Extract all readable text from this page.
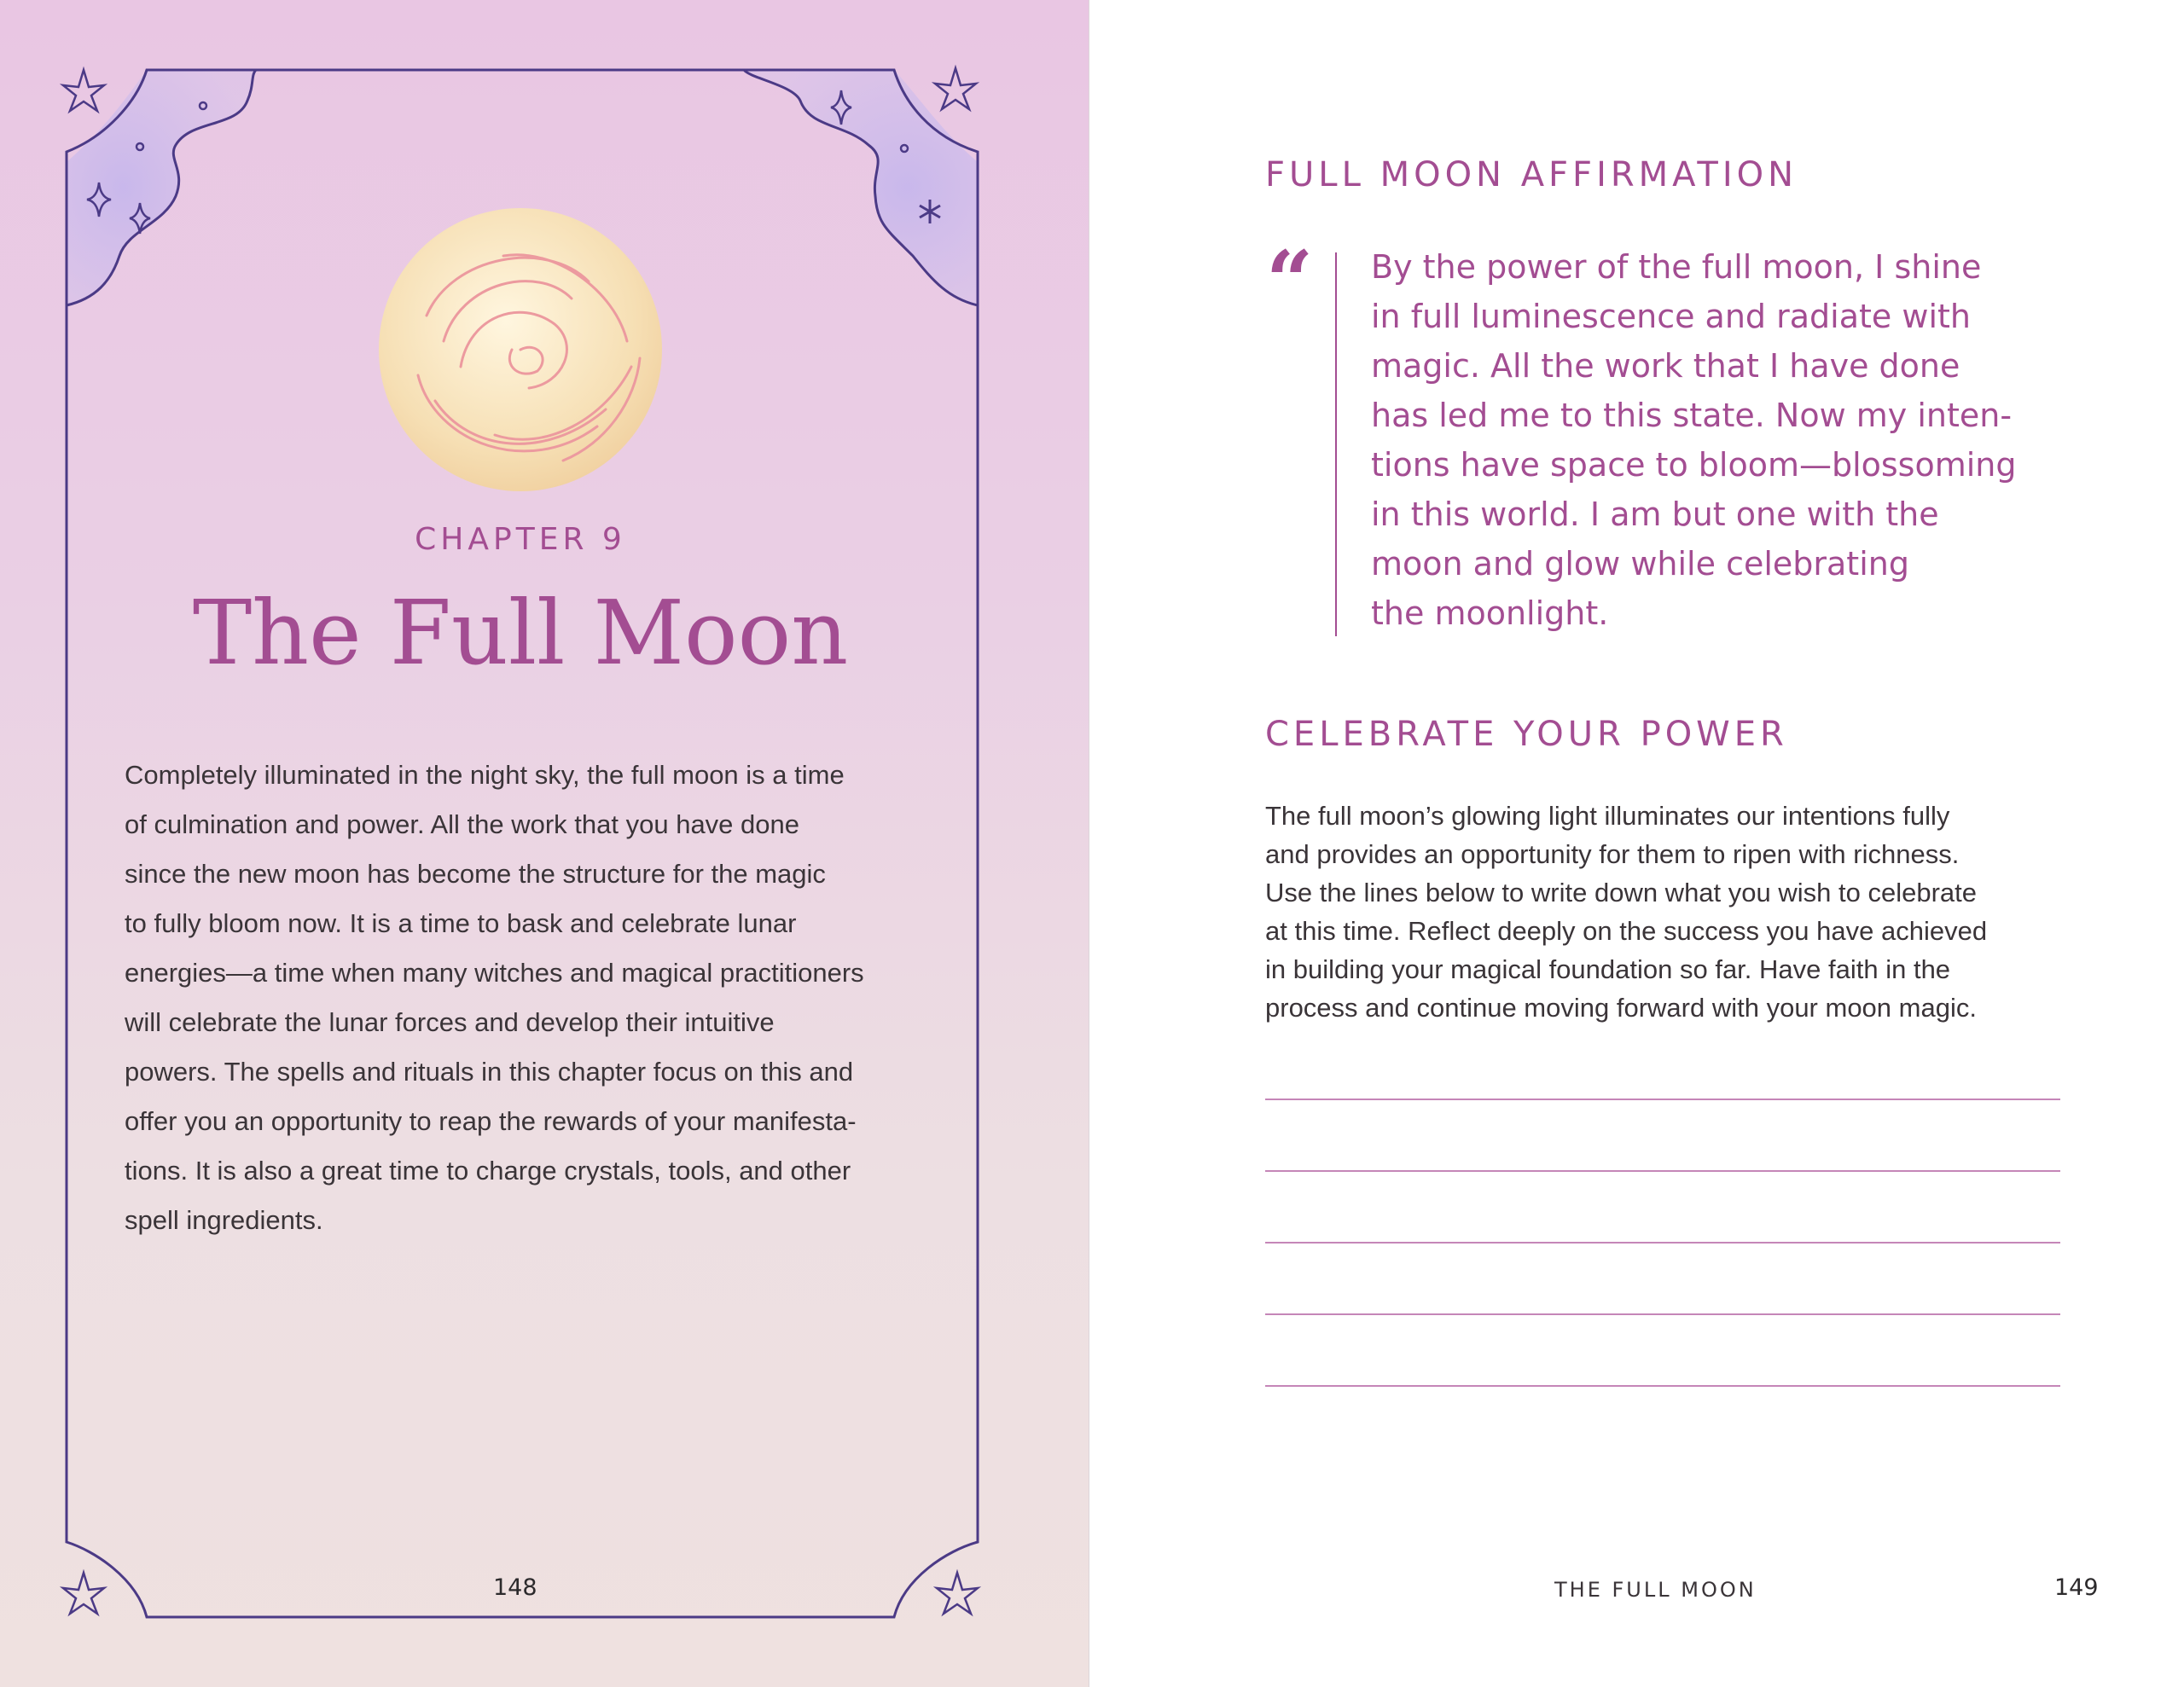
CHAPTER 9
The Full Moon
Completely illuminated in the night sky, the full moon is a time
of culmination and power. All the work that you have done
since the new moon has become the structure for the magic
to fully bloom now. It is a time to bask and celebrate lunar
energies—a time when many witches and magical practitioners
will celebrate the lunar forces and develop their intuitive
powers. The spells and rituals in this chapter focus on this and
offer you an opportunity to reap the rewards of your manifesta-
tions. It is also a great time to charge crystals, tools, and other
spell ingredients.
148
FULL MOON AFFIRMATION
“ By the power of the full moon, I shine
in full luminescence and radiate with
magic. All the work that I have done
has led me to this state. Now my inten-
tions have space to bloom—blossoming
in this world. I am but one with the
moon and glow while celebrating
the moonlight.
CELEBRATE YOUR POWER
The full moon’s glowing light illuminates our intentions fully
and provides an opportunity for them to ripen with richness.
Use the lines below to write down what you wish to celebrate
at this time. Reflect deeply on the success you have achieved
in building your magical foundation so far. Have faith in the
process and continue moving forward with your moon magic.
THE FULL MOON	149
